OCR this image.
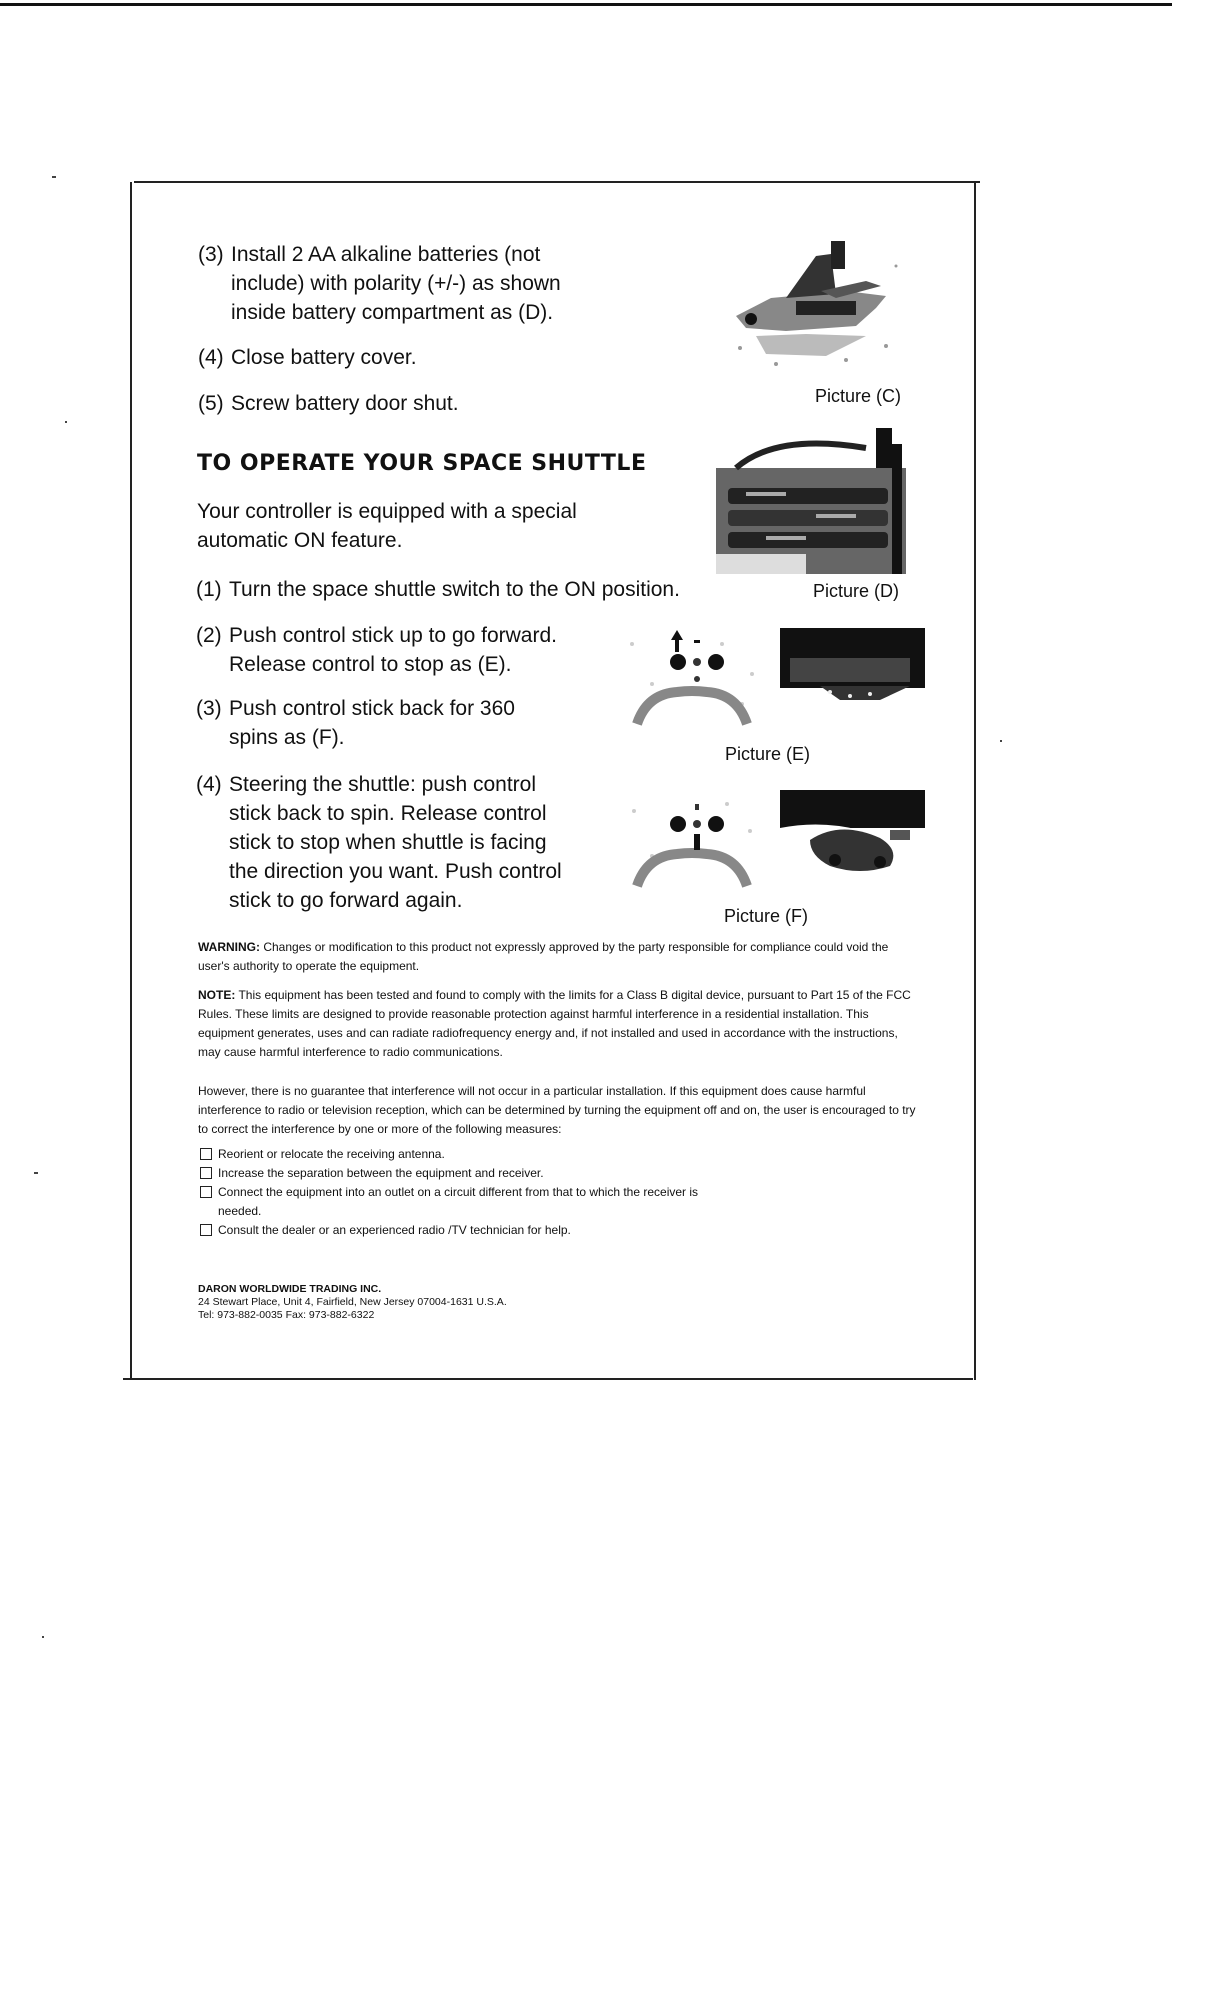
(3) Install 2 AA alkaline batteries (not
include) with polarity (+/-) as shown
inside battery compartment as (D).
(4) Close battery cover.
(5) Screw battery door shut.
TO OPERATE YOUR SPACE SHUTTLE
Your controller is equipped with a special
automatic ON feature.
(1) Turn the space shuttle switch to the ON position.
(2) Push control stick up to go forward.
Release control to stop as (E).
(3) Push control stick back for 360
spins as (F).
(4) Steering the shuttle: push control
stick back to spin. Release control
stick to stop when shuttle is facing
the direction you want. Push control
stick to go forward again.
Picture (C)
Picture (D)
Picture (E)
Picture (F)
WARNING: Changes or modification to this product not expressly approved by the party responsible for compliance could void the user's authority to operate the equipment.
NOTE: This equipment has been tested and found to comply with the limits for a Class B digital device, pursuant to Part 15 of the FCC Rules. These limits are designed to provide reasonable protection against harmful interference in a residential installation. This equipment generates, uses and can radiate radiofrequency energy and, if not installed and used in accordance with the instructions, may cause harmful interference to radio communications.
However, there is no guarantee that interference will not occur in a particular installation. If this equipment does cause harmful interference to radio or television reception, which can be determined by turning the equipment off and on, the user is encouraged to try to correct the interference by one or more of the following measures:
Reorient or relocate the receiving antenna.
Increase the separation between the equipment and receiver.
Connect the equipment into an outlet on a circuit different from that to which the receiver is needed.
Consult the dealer or an experienced radio /TV technician for help.
DARON WORLDWIDE TRADING INC.
24 Stewart Place, Unit 4, Fairfield, New Jersey 07004-1631 U.S.A.
Tel: 973-882-0035 Fax: 973-882-6322
